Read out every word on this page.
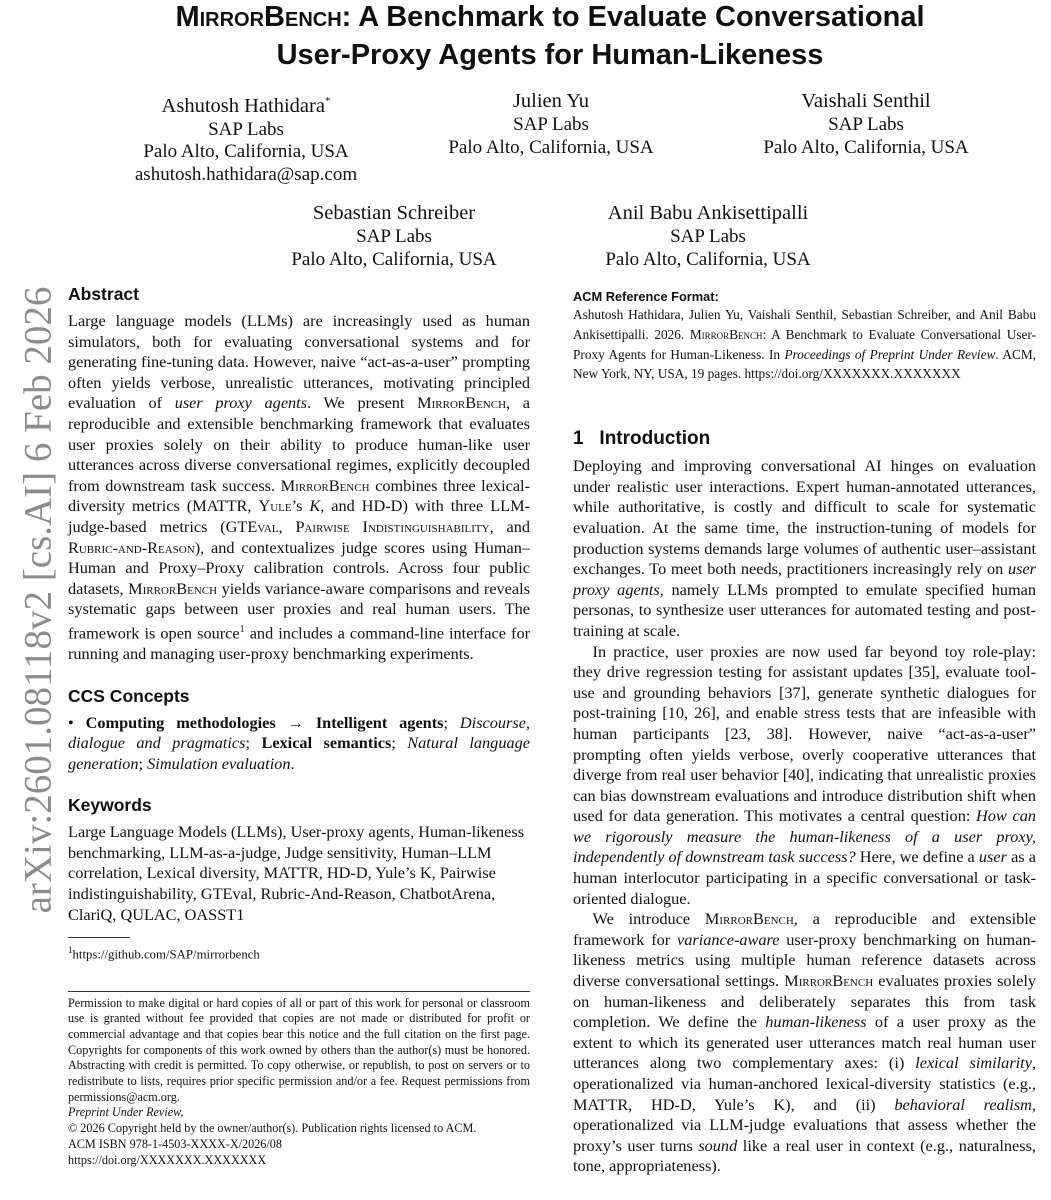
arXiv:2601.08118v2 [cs.AI] 6 Feb 2026
MirrorBench: A Benchmark to Evaluate Conversational
User-Proxy Agents for Human-Likeness
Ashutosh Hathidara*
SAP Labs
Palo Alto, California, USA
ashutosh.hathidara@sap.com
Julien Yu
SAP Labs
Palo Alto, California, USA
Vaishali Senthil
SAP Labs
Palo Alto, California, USA
Sebastian Schreiber
SAP Labs
Palo Alto, California, USA
Anil Babu Ankisettipalli
SAP Labs
Palo Alto, California, USA
Abstract

Large language models (LLMs) are increasingly used as human simulators, both for evaluating conversational systems and for generating fine-tuning data. However, naive “act-as-a-user” prompting often yields verbose, unrealistic utterances, motivating principled evaluation of user proxy agents. We present MirrorBench, a reproducible and extensible benchmarking framework that evaluates user proxies solely on their ability to produce human-like user utterances across diverse conversational regimes, explicitly decoupled from downstream task success. MirrorBench combines three lexical-diversity metrics (MATTR, Yule’s K, and HD-D) with three LLM-judge-based metrics (GTEval, Pairwise Indistinguishability, and Rubric-and-Reason), and contextualizes judge scores using Human–Human and Proxy–Proxy calibration controls. Across four public datasets, MirrorBench yields variance-aware comparisons and reveals systematic gaps between user proxies and real human users. The framework is open source$^1$ and includes a command-line interface for running and managing user-proxy benchmarking experiments.

CCS Concepts

• Computing methodologies → Intelligent agents; Discourse, dialogue and pragmatics; Lexical semantics; Natural language generation; Simulation evaluation.

Keywords

Large Language Models (LLMs), User-proxy agents, Human-likeness benchmarking, LLM-as-a-judge, Judge sensitivity, Human–LLM correlation, Lexical diversity, MATTR, HD-D, Yule’s K, Pairwise indistinguishability, GTEval, Rubric-And-Reason, ChatbotArena, ClariQ, QULAC, OASST1

$^1$https://github.com/SAP/mirrorbench

Permission to make digital or hard copies of all or part of this work for personal or classroom use is granted without fee provided that copies are not made or distributed for profit or commercial advantage and that copies bear this notice and the full citation on the first page. Copyrights for components of this work owned by others than the author(s) must be honored. Abstracting with credit is permitted. To copy otherwise, or republish, to post on servers or to redistribute to lists, requires prior specific permission and/or a fee. Request permissions from permissions@acm.org.

Preprint Under Review,

© 2026 Copyright held by the owner/author(s). Publication rights licensed to ACM.

ACM ISBN 978-1-4503-XXXX-X/2026/08

https://doi.org/XXXXXXX.XXXXXXX

ACM Reference Format:

Ashutosh Hathidara, Julien Yu, Vaishali Senthil, Sebastian Schreiber, and Anil Babu Ankisettipalli. 2026. MirrorBench: A Benchmark to Evaluate Conversational User-Proxy Agents for Human-Likeness. In Proceedings of Preprint Under Review. ACM, New York, NY, USA, 19 pages. https://doi.org/XXXXXXX.XXXXXXX

1 Introduction

Deploying and improving conversational AI hinges on evaluation under realistic user interactions. Expert human-annotated utterances, while authoritative, is costly and difficult to scale for systematic evaluation. At the same time, the instruction-tuning of models for production systems demands large volumes of authentic user–assistant exchanges. To meet both needs, practitioners increasingly rely on user proxy agents, namely LLMs prompted to emulate specified human personas, to synthesize user utterances for automated testing and post-training at scale.

In practice, user proxies are now used far beyond toy role-play: they drive regression testing for assistant updates [35], evaluate tool-use and grounding behaviors [37], generate synthetic dialogues for post-training [10, 26], and enable stress tests that are infeasible with human participants [23, 38]. However, naive “act-as-a-user” prompting often yields verbose, overly cooperative utterances that diverge from real user behavior [40], indicating that unrealistic proxies can bias downstream evaluations and introduce distribution shift when used for data generation. This motivates a central question: How can we rigorously measure the human-likeness of a user proxy, independently of downstream task success? Here, we define a user as a human interlocutor participating in a specific conversational or task-oriented dialogue.

We introduce MirrorBench, a reproducible and extensible framework for variance-aware user-proxy benchmarking on human-likeness metrics using multiple human reference datasets across diverse conversational settings. MirrorBench evaluates proxies solely on human-likeness and deliberately separates this from task completion. We define the human-likeness of a user proxy as the extent to which its generated user utterances match real human user utterances along two complementary axes: (i) lexical similarity, operationalized via human-anchored lexical-diversity statistics (e.g., MATTR, HD-D, Yule’s K), and (ii) behavioral realism, operationalized via LLM-judge evaluations that assess whether the proxy’s user turns sound like a real user in context (e.g., naturalness, tone, appropriateness).
